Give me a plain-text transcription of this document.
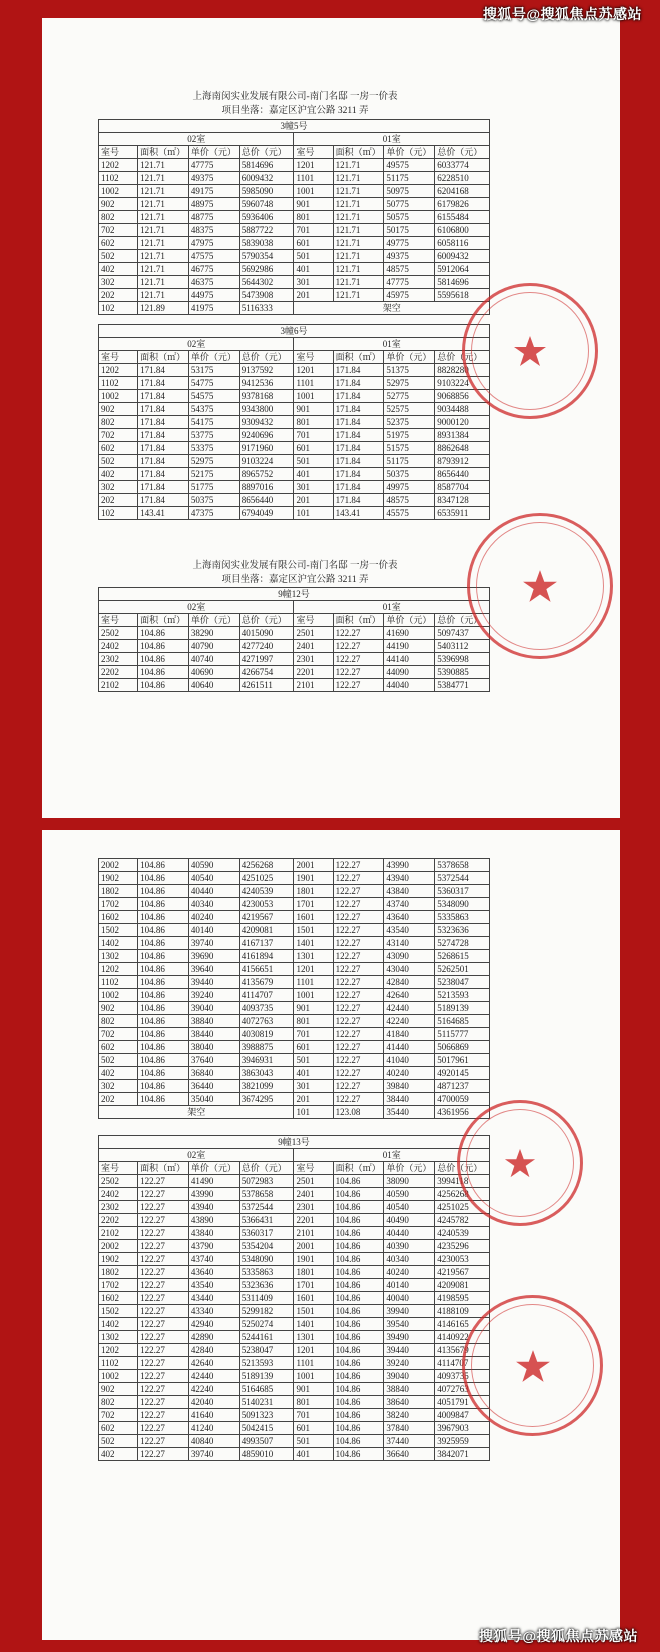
上海南闵实业发展有限公司-南门名邸 一房一价表
项目坐落：嘉定区沪宜公路 3211 弄
3幢5号							
02室				01室			
室号	面积（㎡）	单价（元）	总价（元）	室号	面积（㎡）	单价（元）	总价（元）
1202	121.71	47775	5814696	1201	121.71	49575	6033774
1102	121.71	49375	6009432	1101	121.71	51175	6228510
1002	121.71	49175	5985090	1001	121.71	50975	6204168
902	121.71	48975	5960748	901	121.71	50775	6179826
802	121.71	48775	5936406	801	121.71	50575	6155484
702	121.71	48375	5887722	701	121.71	50175	6106800
602	121.71	47975	5839038	601	121.71	49775	6058116
502	121.71	47575	5790354	501	121.71	49375	6009432
402	121.71	46775	5692986	401	121.71	48575	5912064
302	121.71	46375	5644302	301	121.71	47775	5814696
202	121.71	44975	5473908	201	121.71	45975	5595618
102	121.89	41975	5116333	架空			
3幢6号							
02室				01室			
室号	面积（㎡）	单价（元）	总价（元）	室号	面积（㎡）	单价（元）	总价（元）
1202	171.84	53175	9137592	1201	171.84	51375	8828280
1102	171.84	54775	9412536	1101	171.84	52975	9103224
1002	171.84	54575	9378168	1001	171.84	52775	9068856
902	171.84	54375	9343800	901	171.84	52575	9034488
802	171.84	54175	9309432	801	171.84	52375	9000120
702	171.84	53775	9240696	701	171.84	51975	8931384
602	171.84	53375	9171960	601	171.84	51575	8862648
502	171.84	52975	9103224	501	171.84	51175	8793912
402	171.84	52175	8965752	401	171.84	50375	8656440
302	171.84	51775	8897016	301	171.84	49975	8587704
202	171.84	50375	8656440	201	171.84	48575	8347128
102	143.41	47375	6794049	101	143.41	45575	6535911
上海南闵实业发展有限公司-南门名邸 一房一价表
项目坐落：嘉定区沪宜公路 3211 弄
9幢12号							
02室				01室			
室号	面积（㎡）	单价（元）	总价（元）	室号	面积（㎡）	单价（元）	总价（元）
2502	104.86	38290	4015090	2501	122.27	41690	5097437
2402	104.86	40790	4277240	2401	122.27	44190	5403112
2302	104.86	40740	4271997	2301	122.27	44140	5396998
2202	104.86	40690	4266754	2201	122.27	44090	5390885
2102	104.86	40640	4261511	2101	122.27	44040	5384771
2002	104.86	40590	4256268	2001	122.27	43990	5378658
1902	104.86	40540	4251025	1901	122.27	43940	5372544
1802	104.86	40440	4240539	1801	122.27	43840	5360317
1702	104.86	40340	4230053	1701	122.27	43740	5348090
1602	104.86	40240	4219567	1601	122.27	43640	5335863
1502	104.86	40140	4209081	1501	122.27	43540	5323636
1402	104.86	39740	4167137	1401	122.27	43140	5274728
1302	104.86	39690	4161894	1301	122.27	43090	5268615
1202	104.86	39640	4156651	1201	122.27	43040	5262501
1102	104.86	39440	4135679	1101	122.27	42840	5238047
1002	104.86	39240	4114707	1001	122.27	42640	5213593
902	104.86	39040	4093735	901	122.27	42440	5189139
802	104.86	38840	4072763	801	122.27	42240	5164685
702	104.86	38440	4030819	701	122.27	41840	5115777
602	104.86	38040	3988875	601	122.27	41440	5066869
502	104.86	37640	3946931	501	122.27	41040	5017961
402	104.86	36840	3863043	401	122.27	40240	4920145
302	104.86	36440	3821099	301	122.27	39840	4871237
202	104.86	35040	3674295	201	122.27	38440	4700059
架空				101	123.08	35440	4361956
9幢13号							
02室				01室			
室号	面积（㎡）	单价（元）	总价（元）	室号	面积（㎡）	单价（元）	总价（元）
2502	122.27	41490	5072983	2501	104.86	38090	3994118
2402	122.27	43990	5378658	2401	104.86	40590	4256268
2302	122.27	43940	5372544	2301	104.86	40540	4251025
2202	122.27	43890	5366431	2201	104.86	40490	4245782
2102	122.27	43840	5360317	2101	104.86	40440	4240539
2002	122.27	43790	5354204	2001	104.86	40390	4235296
1902	122.27	43740	5348090	1901	104.86	40340	4230053
1802	122.27	43640	5335863	1801	104.86	40240	4219567
1702	122.27	43540	5323636	1701	104.86	40140	4209081
1602	122.27	43440	5311409	1601	104.86	40040	4198595
1502	122.27	43340	5299182	1501	104.86	39940	4188109
1402	122.27	42940	5250274	1401	104.86	39540	4146165
1302	122.27	42890	5244161	1301	104.86	39490	4140922
1202	122.27	42840	5238047	1201	104.86	39440	4135679
1102	122.27	42640	5213593	1101	104.86	39240	4114707
1002	122.27	42440	5189139	1001	104.86	39040	4093735
902	122.27	42240	5164685	901	104.86	38840	4072763
802	122.27	42040	5140231	801	104.86	38640	4051791
702	122.27	41640	5091323	701	104.86	38240	4009847
602	122.27	41240	5042415	601	104.86	37840	3967903
502	122.27	40840	4993507	501	104.86	37440	3925959
402	122.27	39740	4859010	401	104.86	36640	3842071
搜狐号@搜狐焦点苏感站
搜狐号@搜狐焦点苏感站
